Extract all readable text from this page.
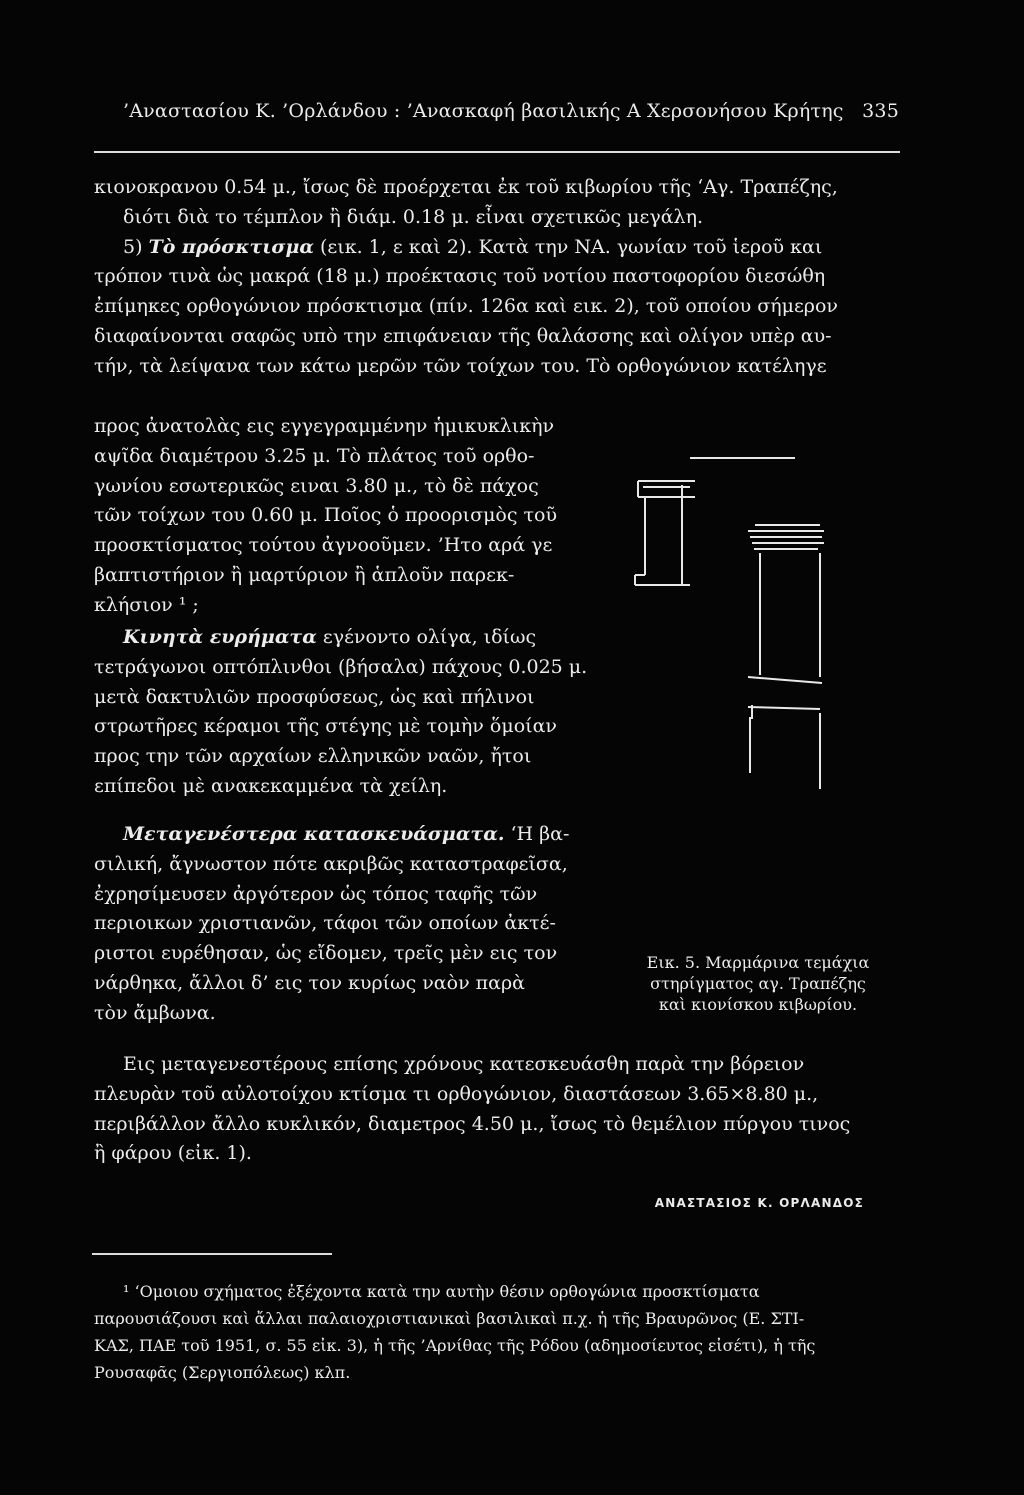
’Αναστασίου Κ. ’Ορλάνδου : ’Ανασκαφή βασιλικής Α Χερσονήσου Κρήτης 335

κιονοκρανου 0.54 μ., ἴσως δὲ προέρχεται ἐκ τοῦ κιβωρίου τῆς ‘Αγ. Τραπέζης,

διότι διὰ το τέμπλον ἢ διάμ. 0.18 μ. εἶναι σχετικῶς μεγάλη.

5) Τὸ πρόσκτισμα (εικ. 1, ε καὶ 2). Κατὰ την ΝΑ. γωνίαν τοῦ ἱεροῦ και

τρόπον τινὰ ὡς μακρά (18 μ.) προέκτασις τοῦ νοτίου παστοφορίου διεσώθη

ἐπίμηκες ορθογώνιον πρόσκτισμα (πίν. 126α καὶ εικ. 2), τοῦ οποίου σήμερον

διαφαίνονται σαφῶς υπὸ την επιφάνειαν τῆς θαλάσσης καὶ ολίγον υπὲρ αυ-

τήν, τὰ λείψανα των κάτω μερῶν τῶν τοίχων του. Τὸ ορθογώνιον κατέληγε

προς ἀνατολὰς εις εγγεγραμμένην ἡμικυκλικὴν

αψῖδα διαμέτρου 3.25 μ. Τὸ πλάτος τοῦ ορθο-

γωνίου εσωτερικῶς ειναι 3.80 μ., τὸ δὲ πάχος

τῶν τοίχων του 0.60 μ. Ποῖος ὁ προορισμὸς τοῦ

προσκτίσματος τούτου ἀγνοοῦμεν. ’Ητο αρά γε

βαπτιστήριον ἢ μαρτύριον ἢ ἁπλοῦν παρεκ-

κλήσιον ¹ ;

Κινητὰ ευρήματα εγένοντο ολίγα, ιδίως

τετράγωνοι οπτόπλινθοι (βήσαλα) πάχους 0.025 μ.

μετὰ δακτυλιῶν προσφύσεως, ὡς καὶ πήλινοι

στρωτῆρες κέραμοι τῆς στέγης μὲ τομὴν ὅμοίαν

προς την τῶν αρχαίων ελληνικῶν ναῶν, ἤτοι

επίπεδοι μὲ ανακεκαμμένα τὰ χείλη.

Μεταγενέστερα κατασκευάσματα. ‘Η βα-

σιλική, ἄγνωστον πότε ακριβῶς καταστραφεῖσα,

ἐχρησίμευσεν ἀργότερον ὡς τόπος ταφῆς τῶν

περιοικων χριστιανῶν, τάφοι τῶν οποίων ἀκτέ-

ριστοι ευρέθησαν, ὡς εἴδομεν, τρεῖς μὲν εις τον

νάρθηκα, ἄλλοι δ’ εις τον κυρίως ναὸν παρὰ

τὸν ἄμβωνα.

Εις μεταγενεστέρους επίσης χρόνους κατεσκευάσθη παρὰ την βόρειον

πλευρὰν τοῦ αὐλοτοίχου κτίσμα τι ορθογώνιον, διαστάσεων 3.65×8.80 μ.,

περιβάλλον ἄλλο κυκλικόν, διαμετρος 4.50 μ., ἴσως τὸ θεμέλιον πύργου τινος

ἢ φάρου (εἰκ. 1).

ΑΝΑΣΤΑΣΙΟΣ Κ. ΟΡΛΑΝΔΟΣ

¹ ‘Ομοιου σχήματος ἐξέχοντα κατὰ την αυτὴν θέσιν ορθογώνια προσκτίσματα

παρουσιάζουσι καὶ ἄλλαι παλαιοχριστιανικαὶ βασιλικαὶ π.χ. ἡ τῆς Βραυρῶνος (Ε. ΣΤΙ-

ΚΑΣ, ΠΑΕ τοῦ 1951, σ. 55 εἰκ. 3), ἡ τῆς ’Αρνίθας τῆς Ρόδου (αδημοσίευτος εἰσέτι), ἡ τῆς

Ρουσαφᾶς (Σεργιοπόλεως) κλπ.

Εικ. 5. Μαρμάρινα τεμάχια

στηρίγματος αγ. Τραπέζης

καὶ κιονίσκου κιβωρίου.
